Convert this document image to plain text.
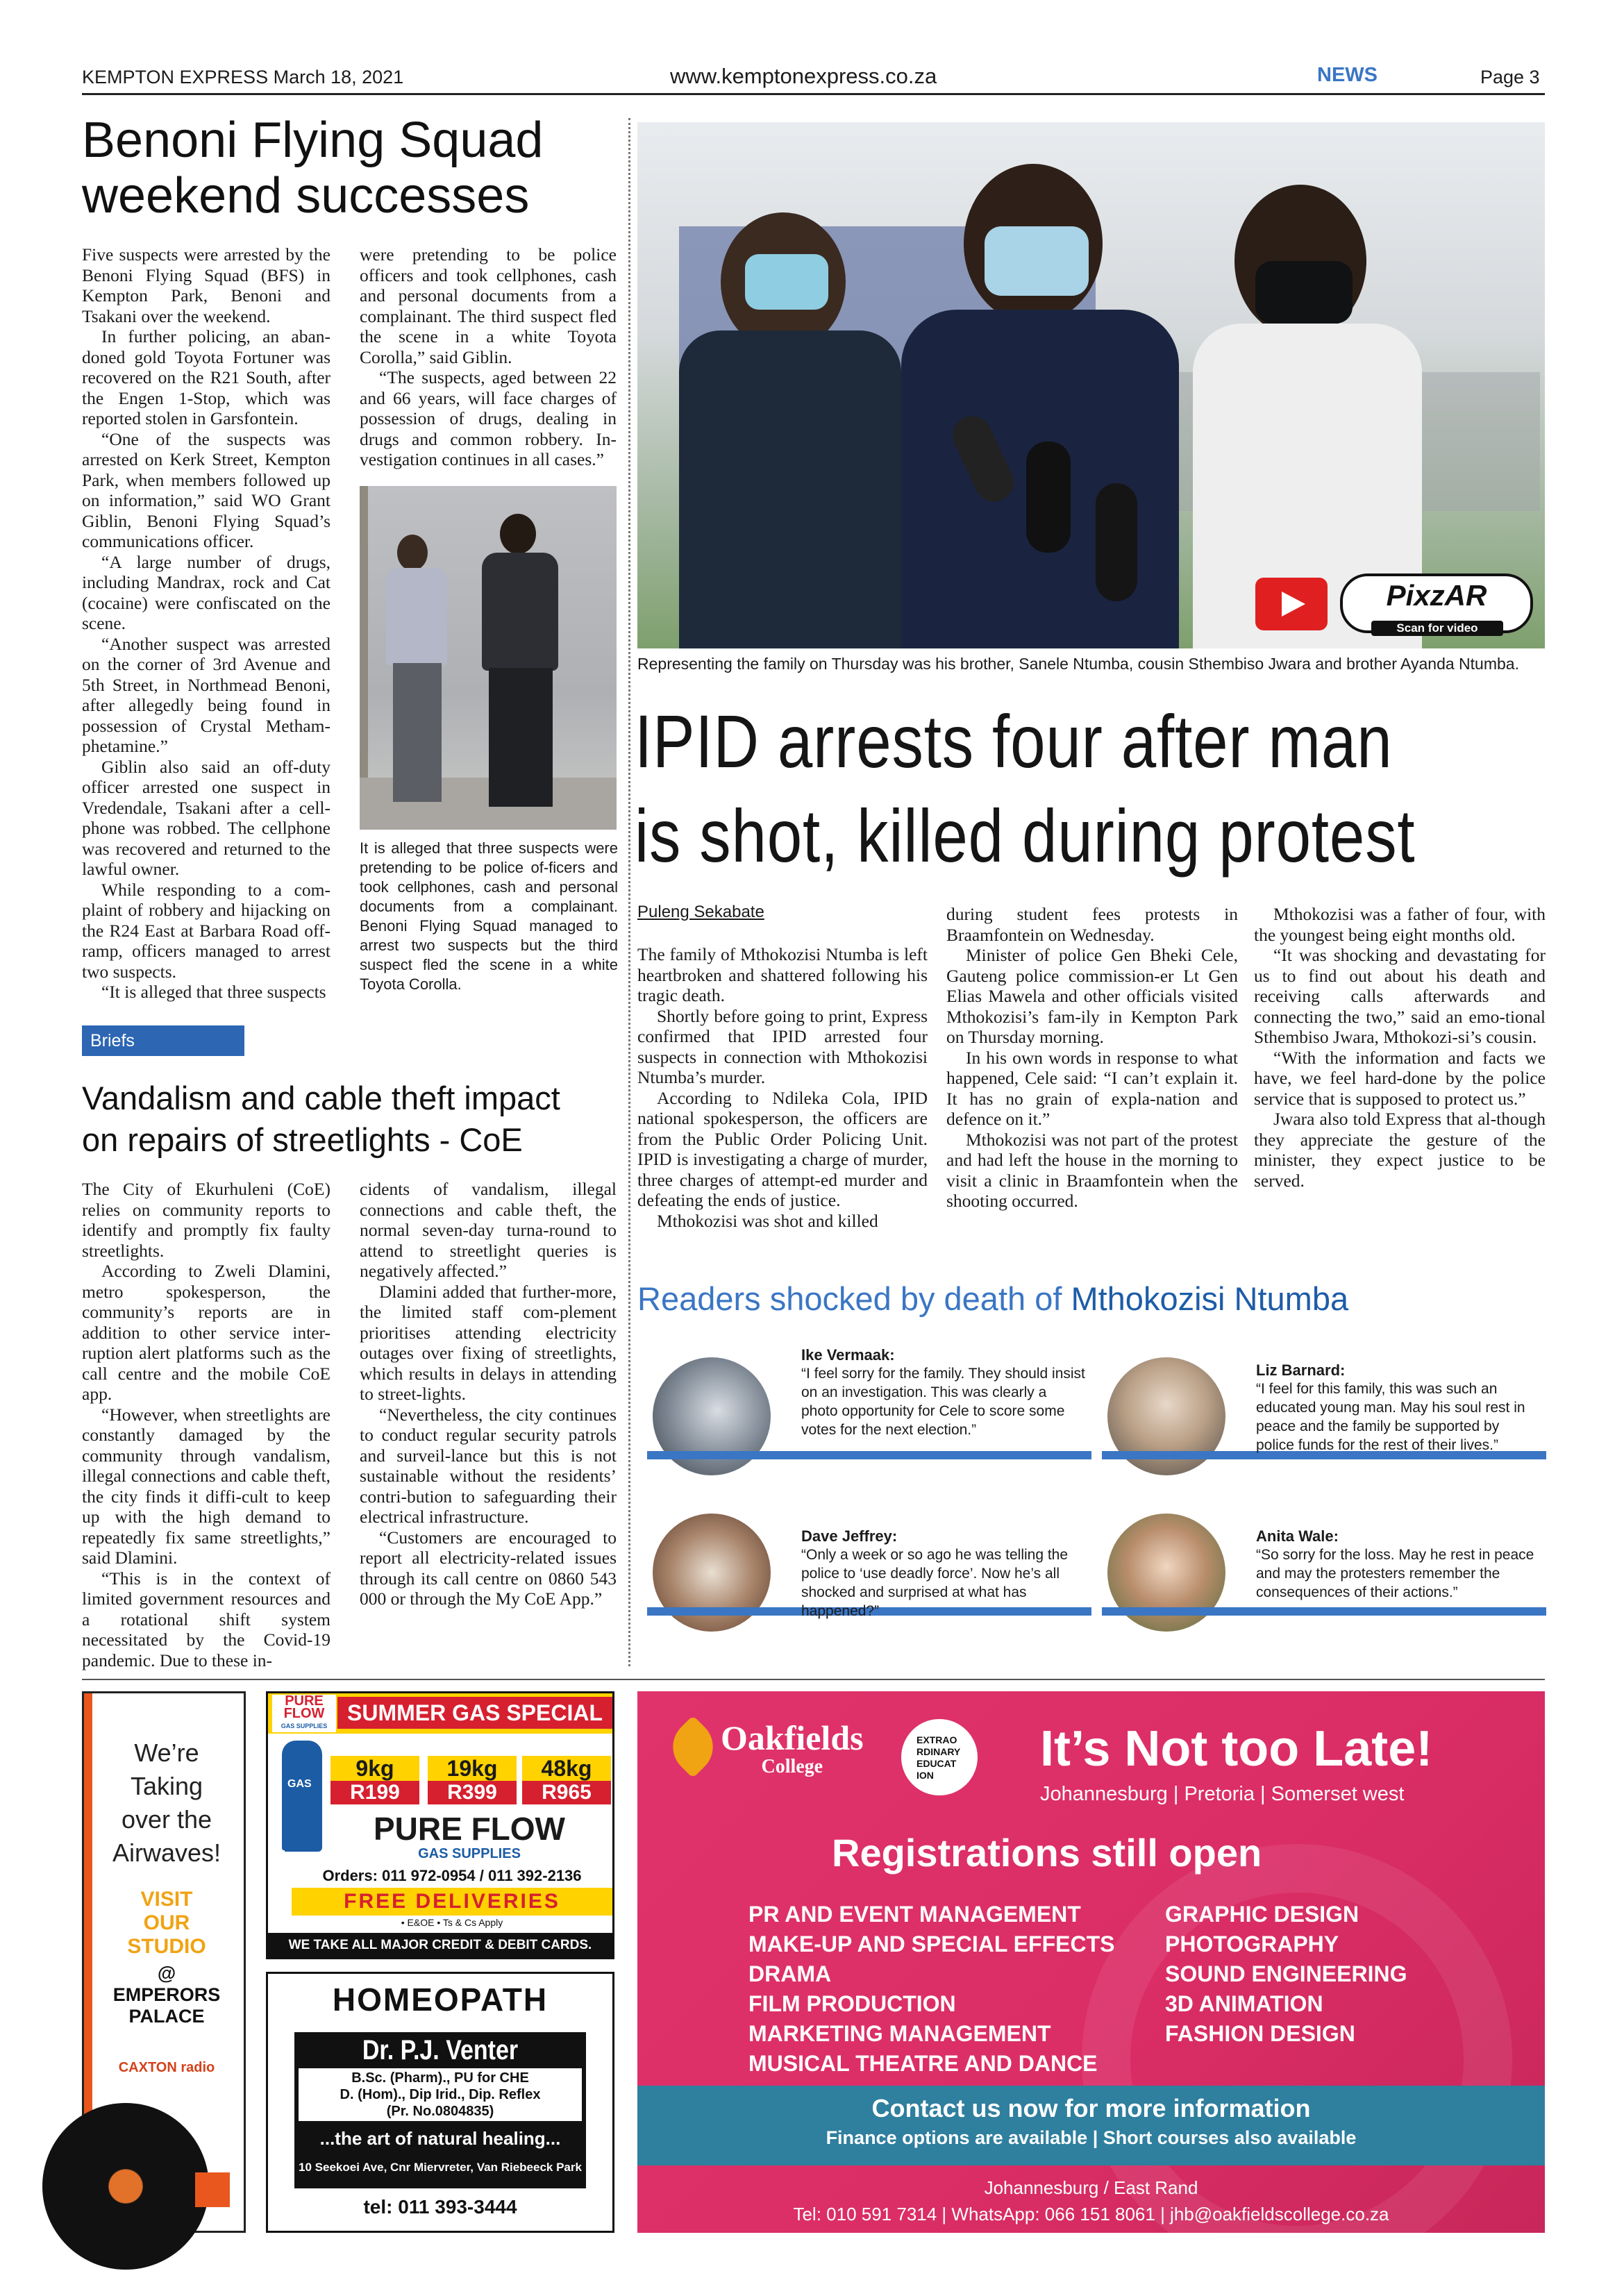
KEMPTON EXPRESS March 18, 2021	www.kemptonexpress.co.za	NEWS	Page 3
Benoni Flying Squad
weekend successes

Five suspects were arrested by the Benoni Flying Squad (BFS) in Kempton Park, Benoni and Tsakani over the weekend.

In further policing, an aban-doned gold Toyota Fortuner was recovered on the R21 South, after the Engen 1-Stop, which was reported stolen in Garsfontein.

“One of the suspects was arrested on Kerk Street, Kempton Park, when members followed up on information,” said WO Grant Giblin, Benoni Flying Squad’s communications officer.

“A large number of drugs, including Mandrax, rock and Cat (cocaine) were confiscated on the scene.

“Another suspect was arrested on the corner of 3rd Avenue and 5th Street, in Northmead Benoni, after allegedly being found in possession of Crystal Metham-phetamine.”

Giblin also said an off-duty officer arrested one suspect in Vredendale, Tsakani after a cell-phone was robbed. The cellphone was recovered and returned to the lawful owner.

While responding to a com-plaint of robbery and hijacking on the R24 East at Barbara Road off-ramp, officers managed to arrest two suspects.

“It is alleged that three suspects

were pretending to be police officers and took cellphones, cash and personal documents from a complainant. The third suspect fled the scene in a white Toyota Corolla,” said Giblin.

“The suspects, aged between 22 and 66 years, will face charges of possession of drugs, dealing in drugs and common robbery. In-vestigation continues in all cases.”

It is alleged that three suspects were pretending to be police of-ficers and took cellphones, cash and personal documents from a complainant. Benoni Flying Squad managed to arrest two suspects but the third suspect fled the scene in a white Toyota Corolla.
Briefs
Vandalism and cable theft impact
on repairs of streetlights - CoE

The City of Ekurhuleni (CoE) relies on community reports to identify and promptly fix faulty streetlights.

According to Zweli Dlamini, metro spokesperson, the community’s reports are in addition to other service inter-ruption alert platforms such as the call centre and the mobile CoE app.

“However, when streetlights are constantly damaged by the community through vandalism, illegal connections and cable theft, the city finds it diffi-cult to keep up with the high demand to repeatedly fix same streetlights,” said Dlamini.

“This is in the context of limited government resources and a rotational shift system necessitated by the Covid-19 pandemic. Due to these in-

cidents of vandalism, illegal connections and cable theft, the normal seven-day turna-round to attend to streetlight queries is negatively affected.”

Dlamini added that further-more, the limited staff com-plement prioritises attending electricity outages over fixing of streetlights, which results in delays in attending to street-lights.

“Nevertheless, the city continues to conduct regular security patrols and surveil-lance but this is not sustainable without the residents’ contri-bution to safeguarding their electrical infrastructure.

“Customers are encouraged to report all electricity-related issues through its call centre on 0860 543 000 or through the My CoE App.”

PixzAR
Scan for video
Representing the family on Thursday was his brother, Sanele Ntumba, cousin Sthembiso Jwara and brother Ayanda Ntumba.
IPID arrests four after man
is shot, killed during protest
Puleng Sekabate

The family of Mthokozisi Ntumba is left heartbroken and shattered following his tragic death.

Shortly before going to print, Express confirmed that IPID arrested four suspects in connection with Mthokozisi Ntumba’s murder.

According to Ndileka Cola, IPID national spokesperson, the officers are from the Public Order Policing Unit. IPID is investigating a charge of murder, three charges of attempt-ed murder and defeating the ends of justice.

Mthokozisi was shot and killed

during student fees protests in Braamfontein on Wednesday.

Minister of police Gen Bheki Cele, Gauteng police commission-er Lt Gen Elias Mawela and other officials visited Mthokozisi’s fam-ily in Kempton Park on Thursday morning.

In his own words in response to what happened, Cele said: “I can’t explain it. It has no grain of expla-nation and defence on it.”

Mthokozisi was not part of the protest and had left the house in the morning to visit a clinic in Braamfontein when the shooting occurred.

Mthokozisi was a father of four, with the youngest being eight months old.

“It was shocking and devastating for us to find out about his death and receiving calls afterwards and connecting the two,” said an emo-tional Sthembiso Jwara, Mthokozi-si’s cousin.

“With the information and facts we have, we feel hard-done by the police service that is supposed to protect us.”

Jwara also told Express that al-though they appreciate the gesture of the minister, they expect justice to be served.

Readers shocked by death of Mthokozisi Ntumba
Ike Vermaak:
“I feel sorry for the family. They should insist on an investigation. This was clearly a photo opportunity for Cele to score some votes for the next election.”
Liz Barnard:
“I feel for this family, this was such an educated young man. May his soul rest in peace and the family be supported by police funds for the rest of their lives.”
Dave Jeffrey:
“Only a week or so ago he was telling the police to ‘use deadly force’. Now he’s all shocked and surprised at what has happened?”
Anita Wale:
“So sorry for the loss. May he rest in peace and may the protesters remember the consequences of their actions.”
We’re
Taking
over the
Airwaves!
VISIT
OUR
STUDIO
@
EMPERORS
PALACE
CAXTON radio
PURE
FLOW
GAS SUPPLIES
SUMMER GAS SPECIAL
GAS
9kg
R199
19kg
R399
48kg
R965
PURE FLOW
GAS SUPPLIES
Orders: 011 972-0954 / 011 392-2136
FREE DELIVERIES
• E&OE • Ts & Cs Apply
WE TAKE ALL MAJOR CREDIT & DEBIT CARDS.
HOMEOPATH
Dr. P.J. Venter
B.Sc. (Pharm)., PU for CHE
D. (Hom)., Dip Irid., Dip. Reflex
(Pr. No.0804835)
...the art of natural healing...
10 Seekoei Ave, Cnr Miervreter, Van Riebeeck Park
tel: 011 393-3444
Oakfields
College
EXTRAO
RDINARY
EDUCAT
ION	It’s Not too Late!
Johannesburg | Pretoria | Somerset west
Registrations still open
PR AND EVENT MANAGEMENT
MAKE-UP AND SPECIAL EFFECTS
DRAMA
FILM PRODUCTION
MARKETING MANAGEMENT
MUSICAL THEATRE AND DANCE
GRAPHIC DESIGN
PHOTOGRAPHY
SOUND ENGINEERING
3D ANIMATION
FASHION DESIGN
Contact us now for more information
Finance options are available | Short courses also available
Johannesburg / East Rand
Tel: 010 591 7314 | WhatsApp: 066 151 8061 | jhb@oakfieldscollege.co.za
